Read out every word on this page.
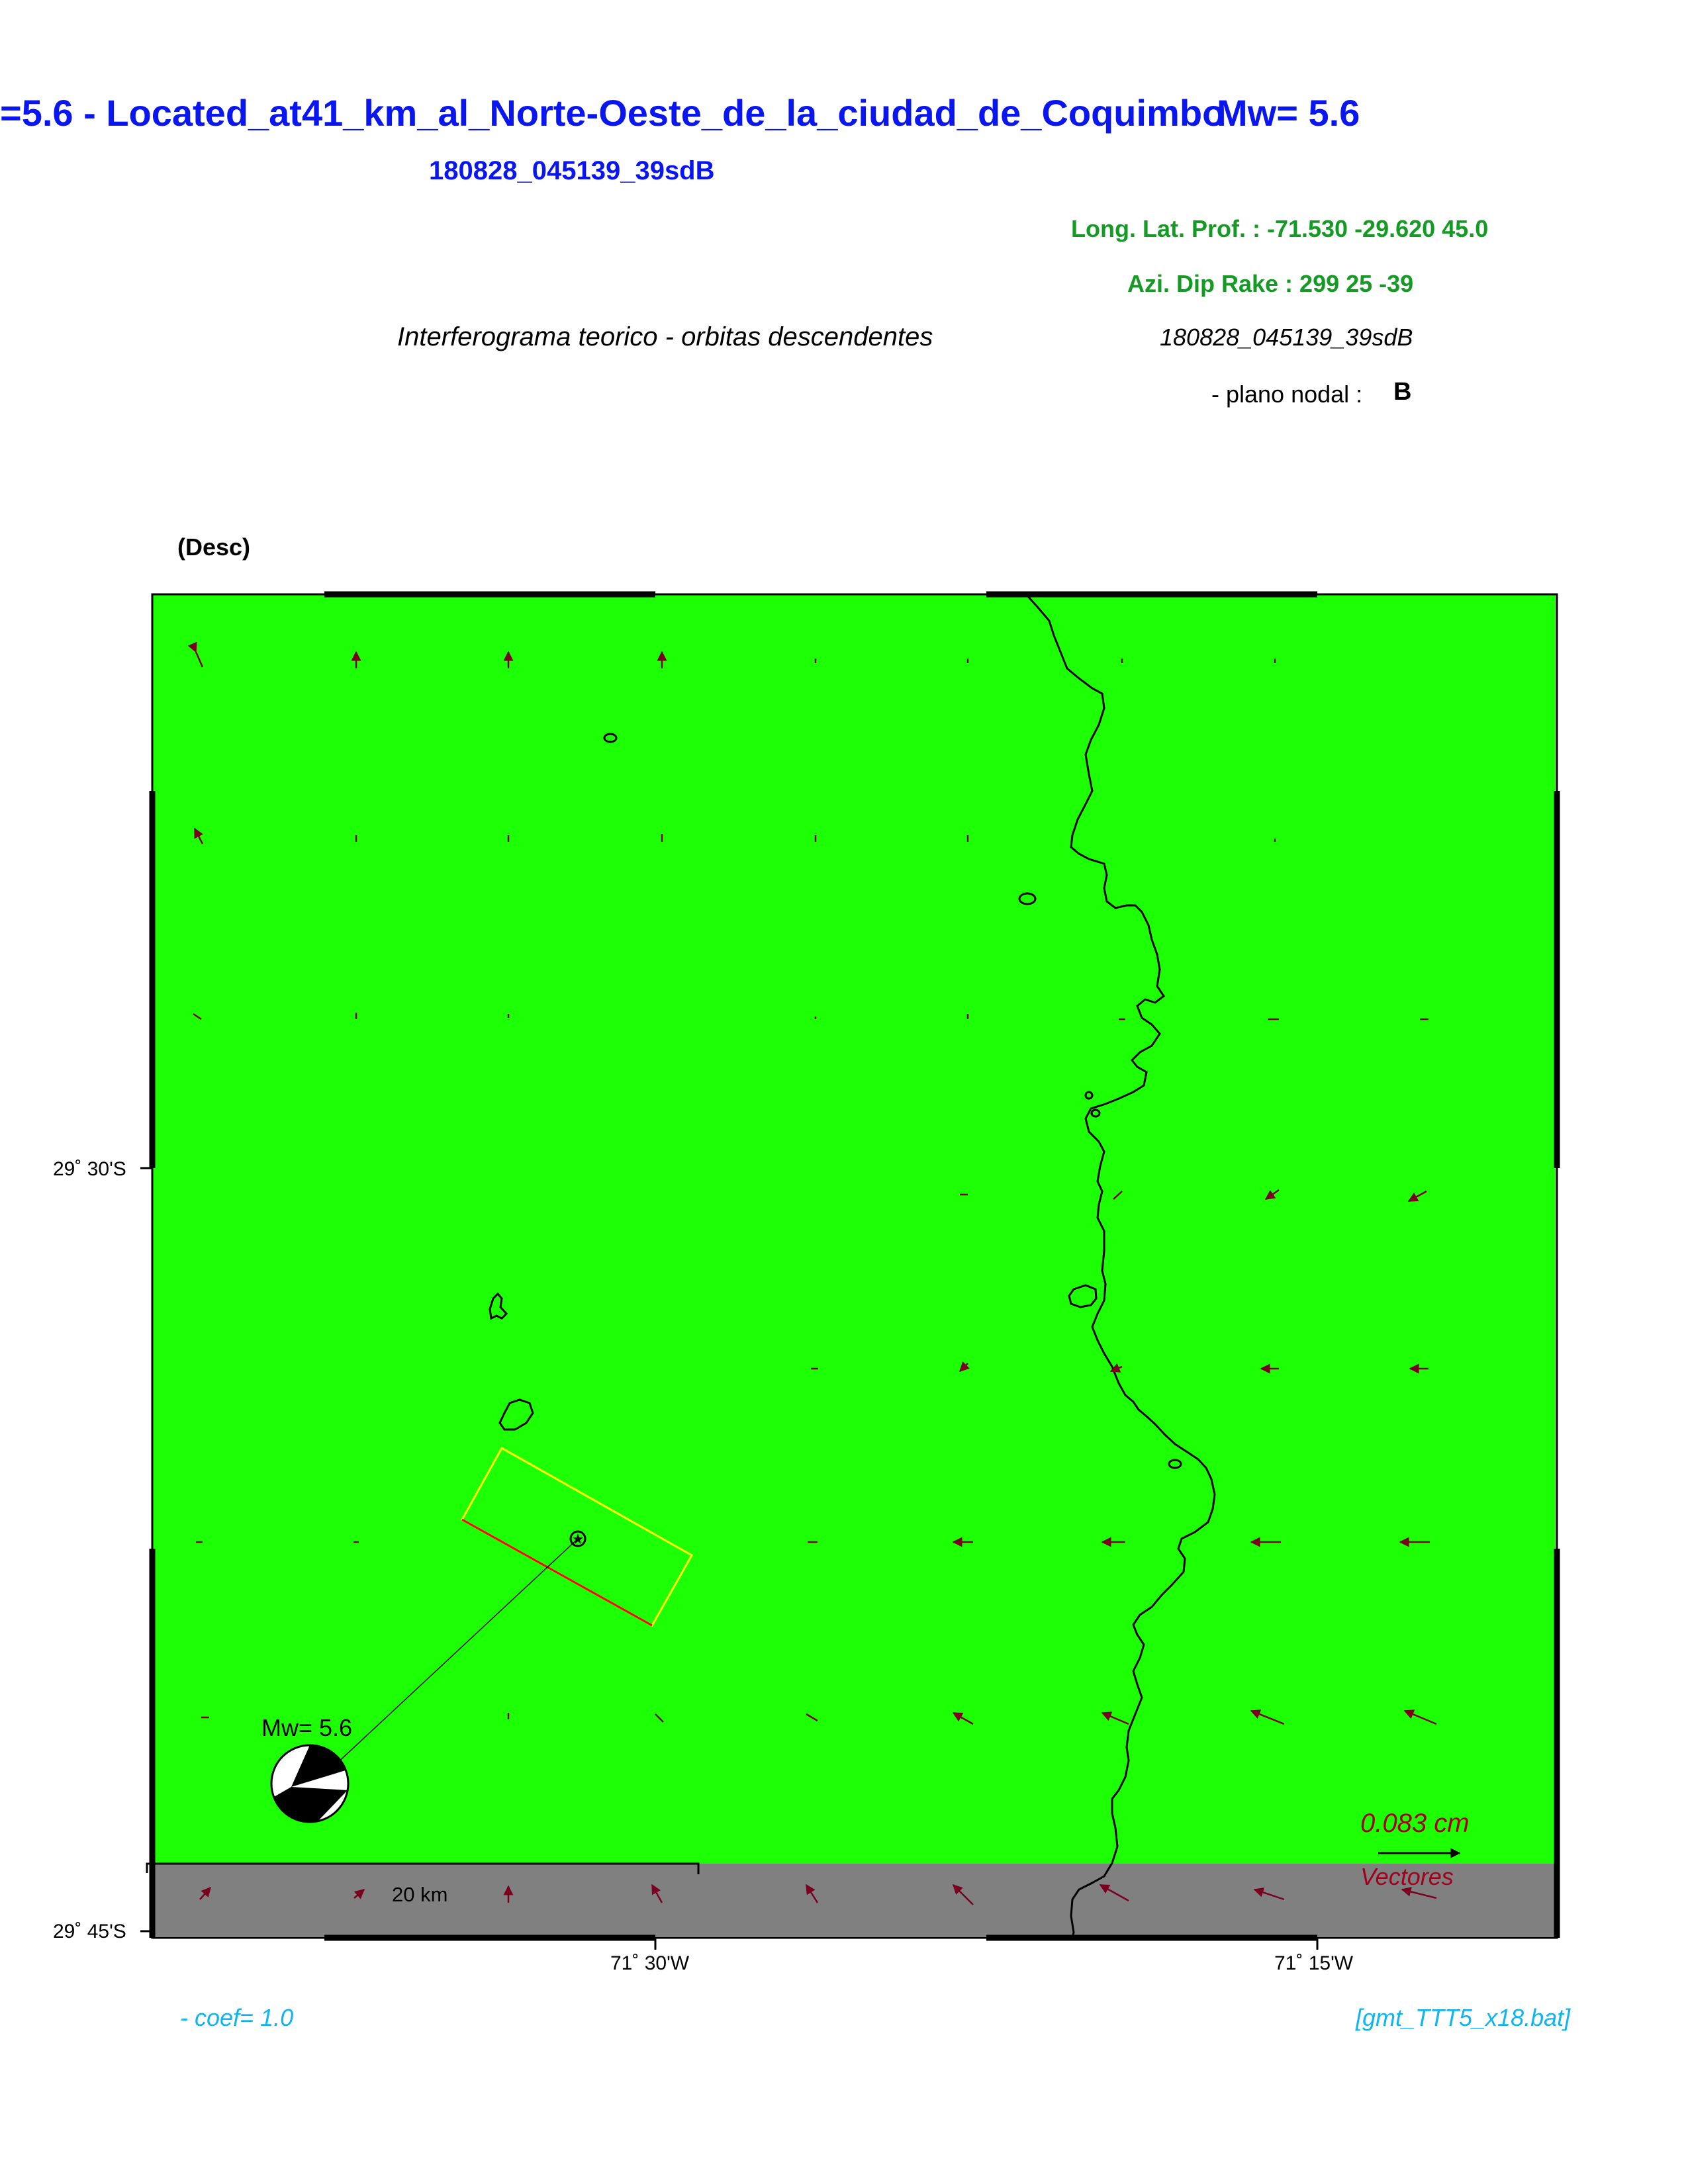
=5.6 - Located_at41_km_al_Norte-Oeste_de_la_ciudad_de_Coquimbo
Mw= 5.6
180828_045139_39sdB
Long. Lat. Prof. : -71.530 -29.620 45.0
Azi. Dip Rake : 299 25 -39
Interferograma teorico - orbitas descendentes	180828_045139_39sdB
- plano nodal : B
(Desc)
29˚ 30'S
29˚ 45'S
71˚ 30'W	71˚ 15'W
Mw= 5.6
20 km
0.083 cm
Vectores
- coef= 1.0	[gmt_TTT5_x18.bat]
